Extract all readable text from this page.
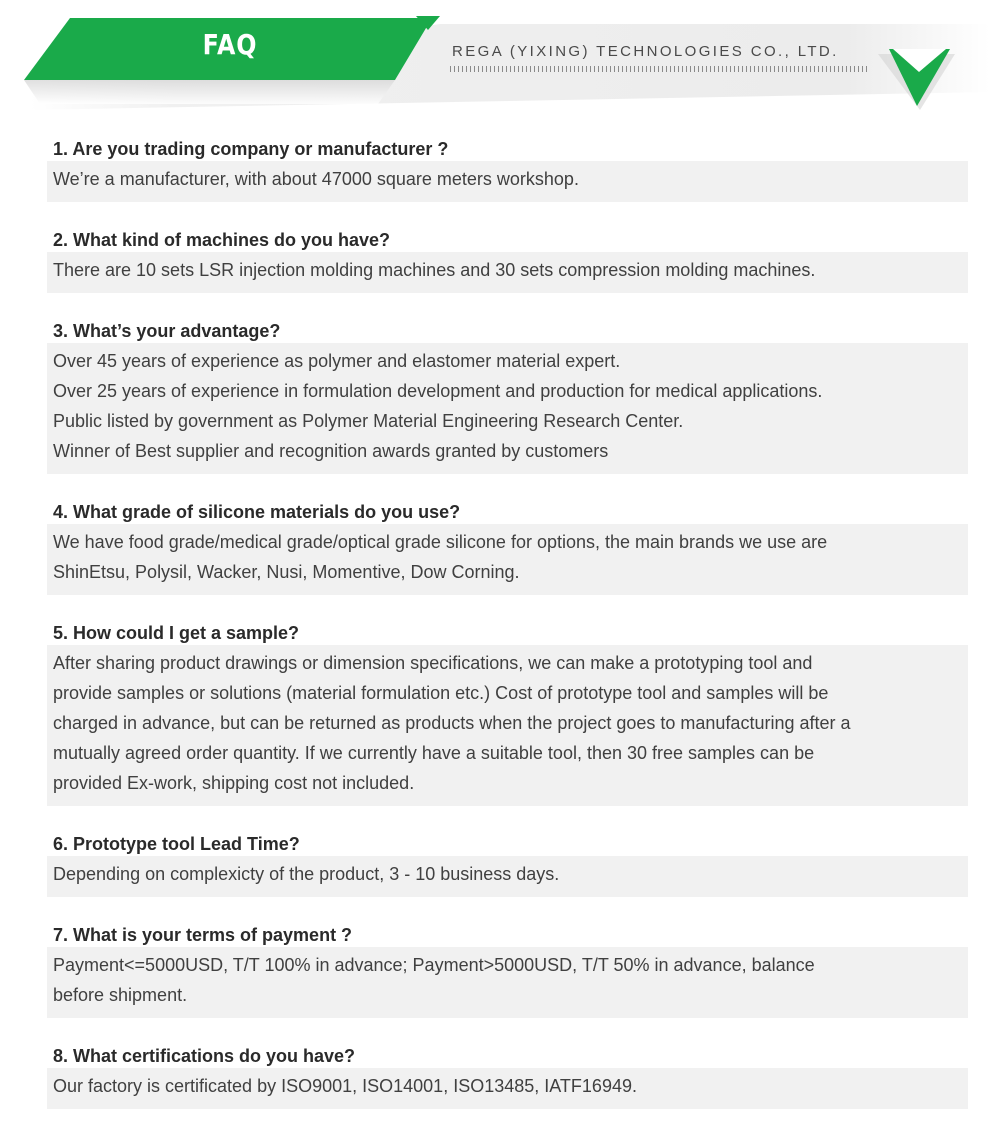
FAQ	REGA (YIXING) TECHNOLOGIES CO., LTD.
1. Are you trading company or manufacturer ?
We’re a manufacturer, with about 47000 square meters workshop.
2. What kind of machines do you have?
There are 10 sets LSR injection molding machines and 30 sets compression molding machines.
3. What’s your advantage?
Over 45 years of experience as polymer and elastomer material expert.
Over 25 years of experience in formulation development and production for medical applications.
Public listed by government as Polymer Material Engineering Research Center.
Winner of Best supplier and recognition awards granted by customers
4. What grade of silicone materials do you use?
We have food grade/medical grade/optical grade silicone for options, the main brands we use are
ShinEtsu, Polysil, Wacker, Nusi, Momentive, Dow Corning.
5. How could I get a sample?
After sharing product drawings or dimension specifications, we can make a prototyping tool and
provide samples or solutions (material formulation etc.) Cost of prototype tool and samples will be
charged in advance, but can be returned as products when the project goes to manufacturing after a
mutually agreed order quantity. If we currently have a suitable tool, then 30 free samples can be
provided Ex-work, shipping cost not included.
6. Prototype tool Lead Time?
Depending on complexicty of the product, 3 - 10 business days.
7. What is your terms of payment ?
Payment<=5000USD, T/T 100% in advance; Payment>5000USD, T/T 50% in advance, balance
before shipment.
8. What certifications do you have?
Our factory is certificated by ISO9001, ISO14001, ISO13485, IATF16949.
